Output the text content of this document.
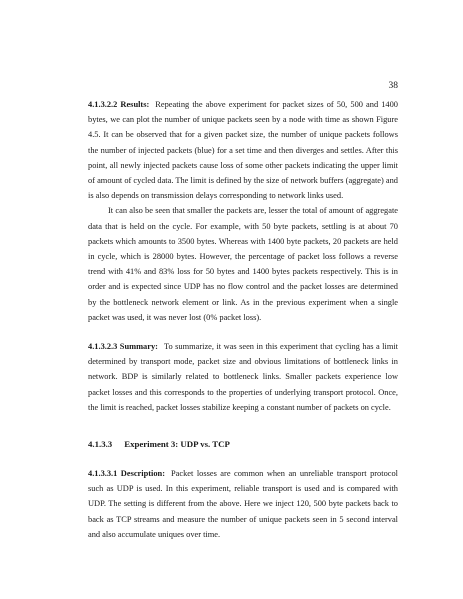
38

4.1.3.2.2 Results: Repeating the above experiment for packet sizes of 50, 500 and 1400 bytes, we can plot the number of unique packets seen by a node with time as shown Figure 4.5. It can be observed that for a given packet size, the number of unique packets follows the number of injected packets (blue) for a set time and then diverges and settles. After this point, all newly injected packets cause loss of some other packets indicating the upper limit of amount of cycled data. The limit is defined by the size of network buffers (aggregate) and is also depends on transmission delays corresponding to network links used.

It can also be seen that smaller the packets are, lesser the total of amount of aggregate data that is held on the cycle. For example, with 50 byte packets, settling is at about 70 packets which amounts to 3500 bytes. Whereas with 1400 byte packets, 20 packets are held in cycle, which is 28000 bytes. However, the percentage of packet loss follows a reverse trend with 41% and 83% loss for 50 bytes and 1400 bytes packets respectively. This is in order and is expected since UDP has no flow control and the packet losses are determined by the bottleneck network element or link. As in the previous experiment when a single packet was used, it was never lost (0% packet loss).

4.1.3.2.3 Summary: To summarize, it was seen in this experiment that cycling has a limit determined by transport mode, packet size and obvious limitations of bottleneck links in network. BDP is similarly related to bottleneck links. Smaller packets experience low packet losses and this corresponds to the properties of underlying transport protocol. Once, the limit is reached, packet losses stabilize keeping a constant number of packets on cycle.

4.1.3.3 Experiment 3: UDP vs. TCP

4.1.3.3.1 Description: Packet losses are common when an unreliable transport protocol such as UDP is used. In this experiment, reliable transport is used and is compared with UDP. The setting is different from the above. Here we inject 120, 500 byte packets back to back as TCP streams and measure the number of unique packets seen in 5 second interval and also accumulate uniques over time.
